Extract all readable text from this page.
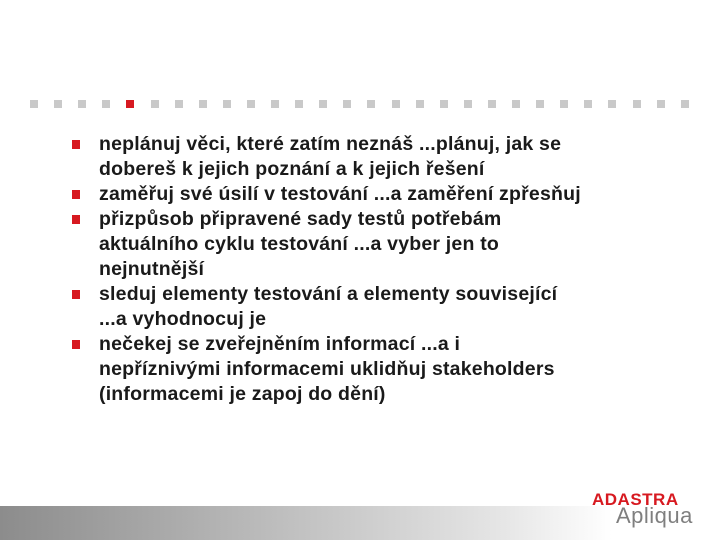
neplánuj věci, které zatím neznáš ...plánuj, jak se
dobereš k jejich poznání a k jejich řešení
zaměřuj své úsilí v testování ...a zaměření zpřesňuj
přizpůsob připravené sady testů potřebám
aktuálního cyklu testování ...a vyber jen to
nejnutnější
sleduj elementy testování a elementy související
...a vyhodnocuj je
nečekej se zveřejněním informací ...a i
nepříznivými informacemi uklidňuj stakeholders
(informacemi je zapoj do dění)
ADASTRA
Apliqua
